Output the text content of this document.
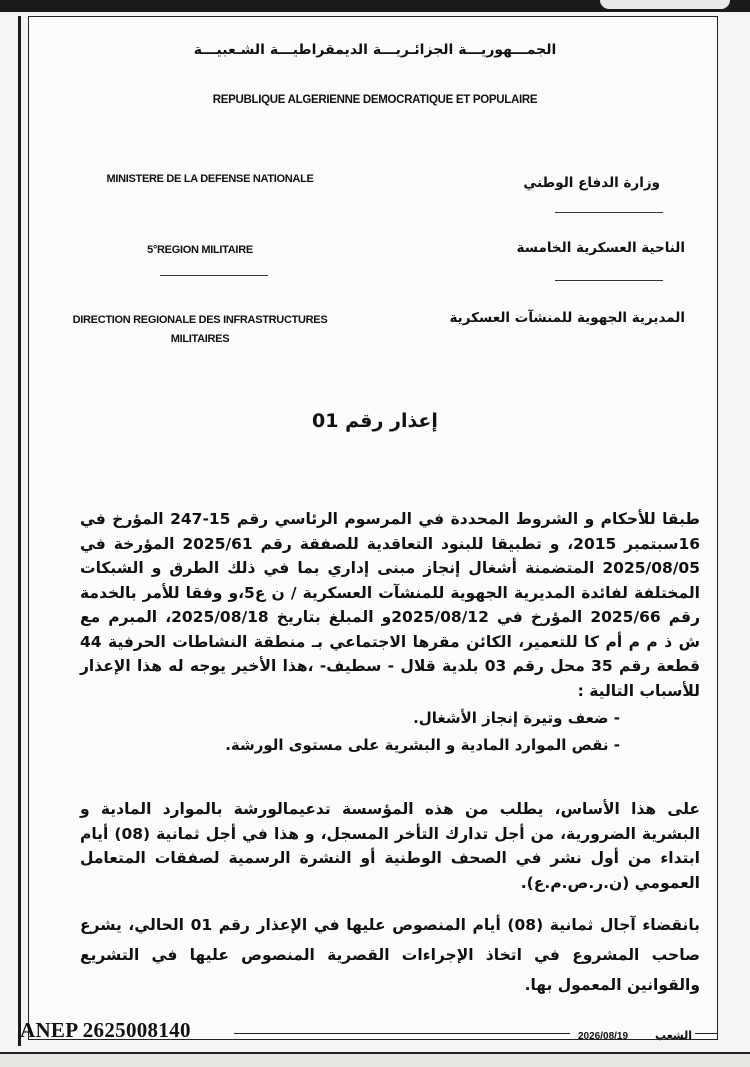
الجمـــهوريـــة الجزائـريـــة الديمقراطيـــة الشـعبيـــة
REPUBLIQUE ALGERIENNE DEMOCRATIQUE ET POPULAIRE
MINISTERE DE LA DEFENSE NATIONALE
5°REGION MILITAIRE
DIRECTION REGIONALE DES INFRASTRUCTURES
MILITAIRES
وزارة الدفاع الوطني
الناحية العسكرية الخامسة
المديرية الجهوية للمنشآت العسكرية
إعذار رقم 01
طبقا للأحكام و الشروط المحددة في المرسوم الرئاسي رقم 15-247 المؤرخ في 16سبتمبر 2015، و تطبيقا للبنود التعاقدية للصفقة رقم 2025/61 المؤرخة في 2025/08/05 المتضمنة أشغال إنجاز مبنى إداري بما في ذلك الطرق و الشبكات المختلفة لفائدة المديرية الجهوية للمنشآت العسكرية / ن ع5،و وفقا للأمر بالخدمة رقم 2025/66 المؤرخ في 2025/08/12و المبلغ بتاريخ 2025/08/18، المبرم مع ش ذ م م أم كا للتعمير، الكائن مقرها الاجتماعي بـ منطقة النشاطات الحرفية 44 قطعة رقم 35 محل رقم 03 بلدية قلال - سطيف- ،هذا الأخير يوجه له هذا الإعذار للأسباب التالية :
- ضعف وتيرة إنجاز الأشغال.
- نقص الموارد المادية و البشرية على مستوى الورشة.
على هذا الأساس، يطلب من هذه المؤسسة تدعيمالورشة بالموارد المادية و البشرية الضرورية، من أجل تدارك التأخر المسجل، و هذا في أجل ثمانية (08) أيام ابتداء من أول نشر في الصحف الوطنية أو النشرة الرسمية لصفقات المتعامل العمومي (ن.ر.ص.م.ع).
بانقضاء آجال ثمانية (08) أيام المنصوص عليها في الإعذار رقم 01 الحالي، يشرع صاحب المشروع في اتخاذ الإجراءات القصرية المنصوص عليها في التشريع والقوانين المعمول بها.
ANEP 2625008140	2026/08/19	الشعب
